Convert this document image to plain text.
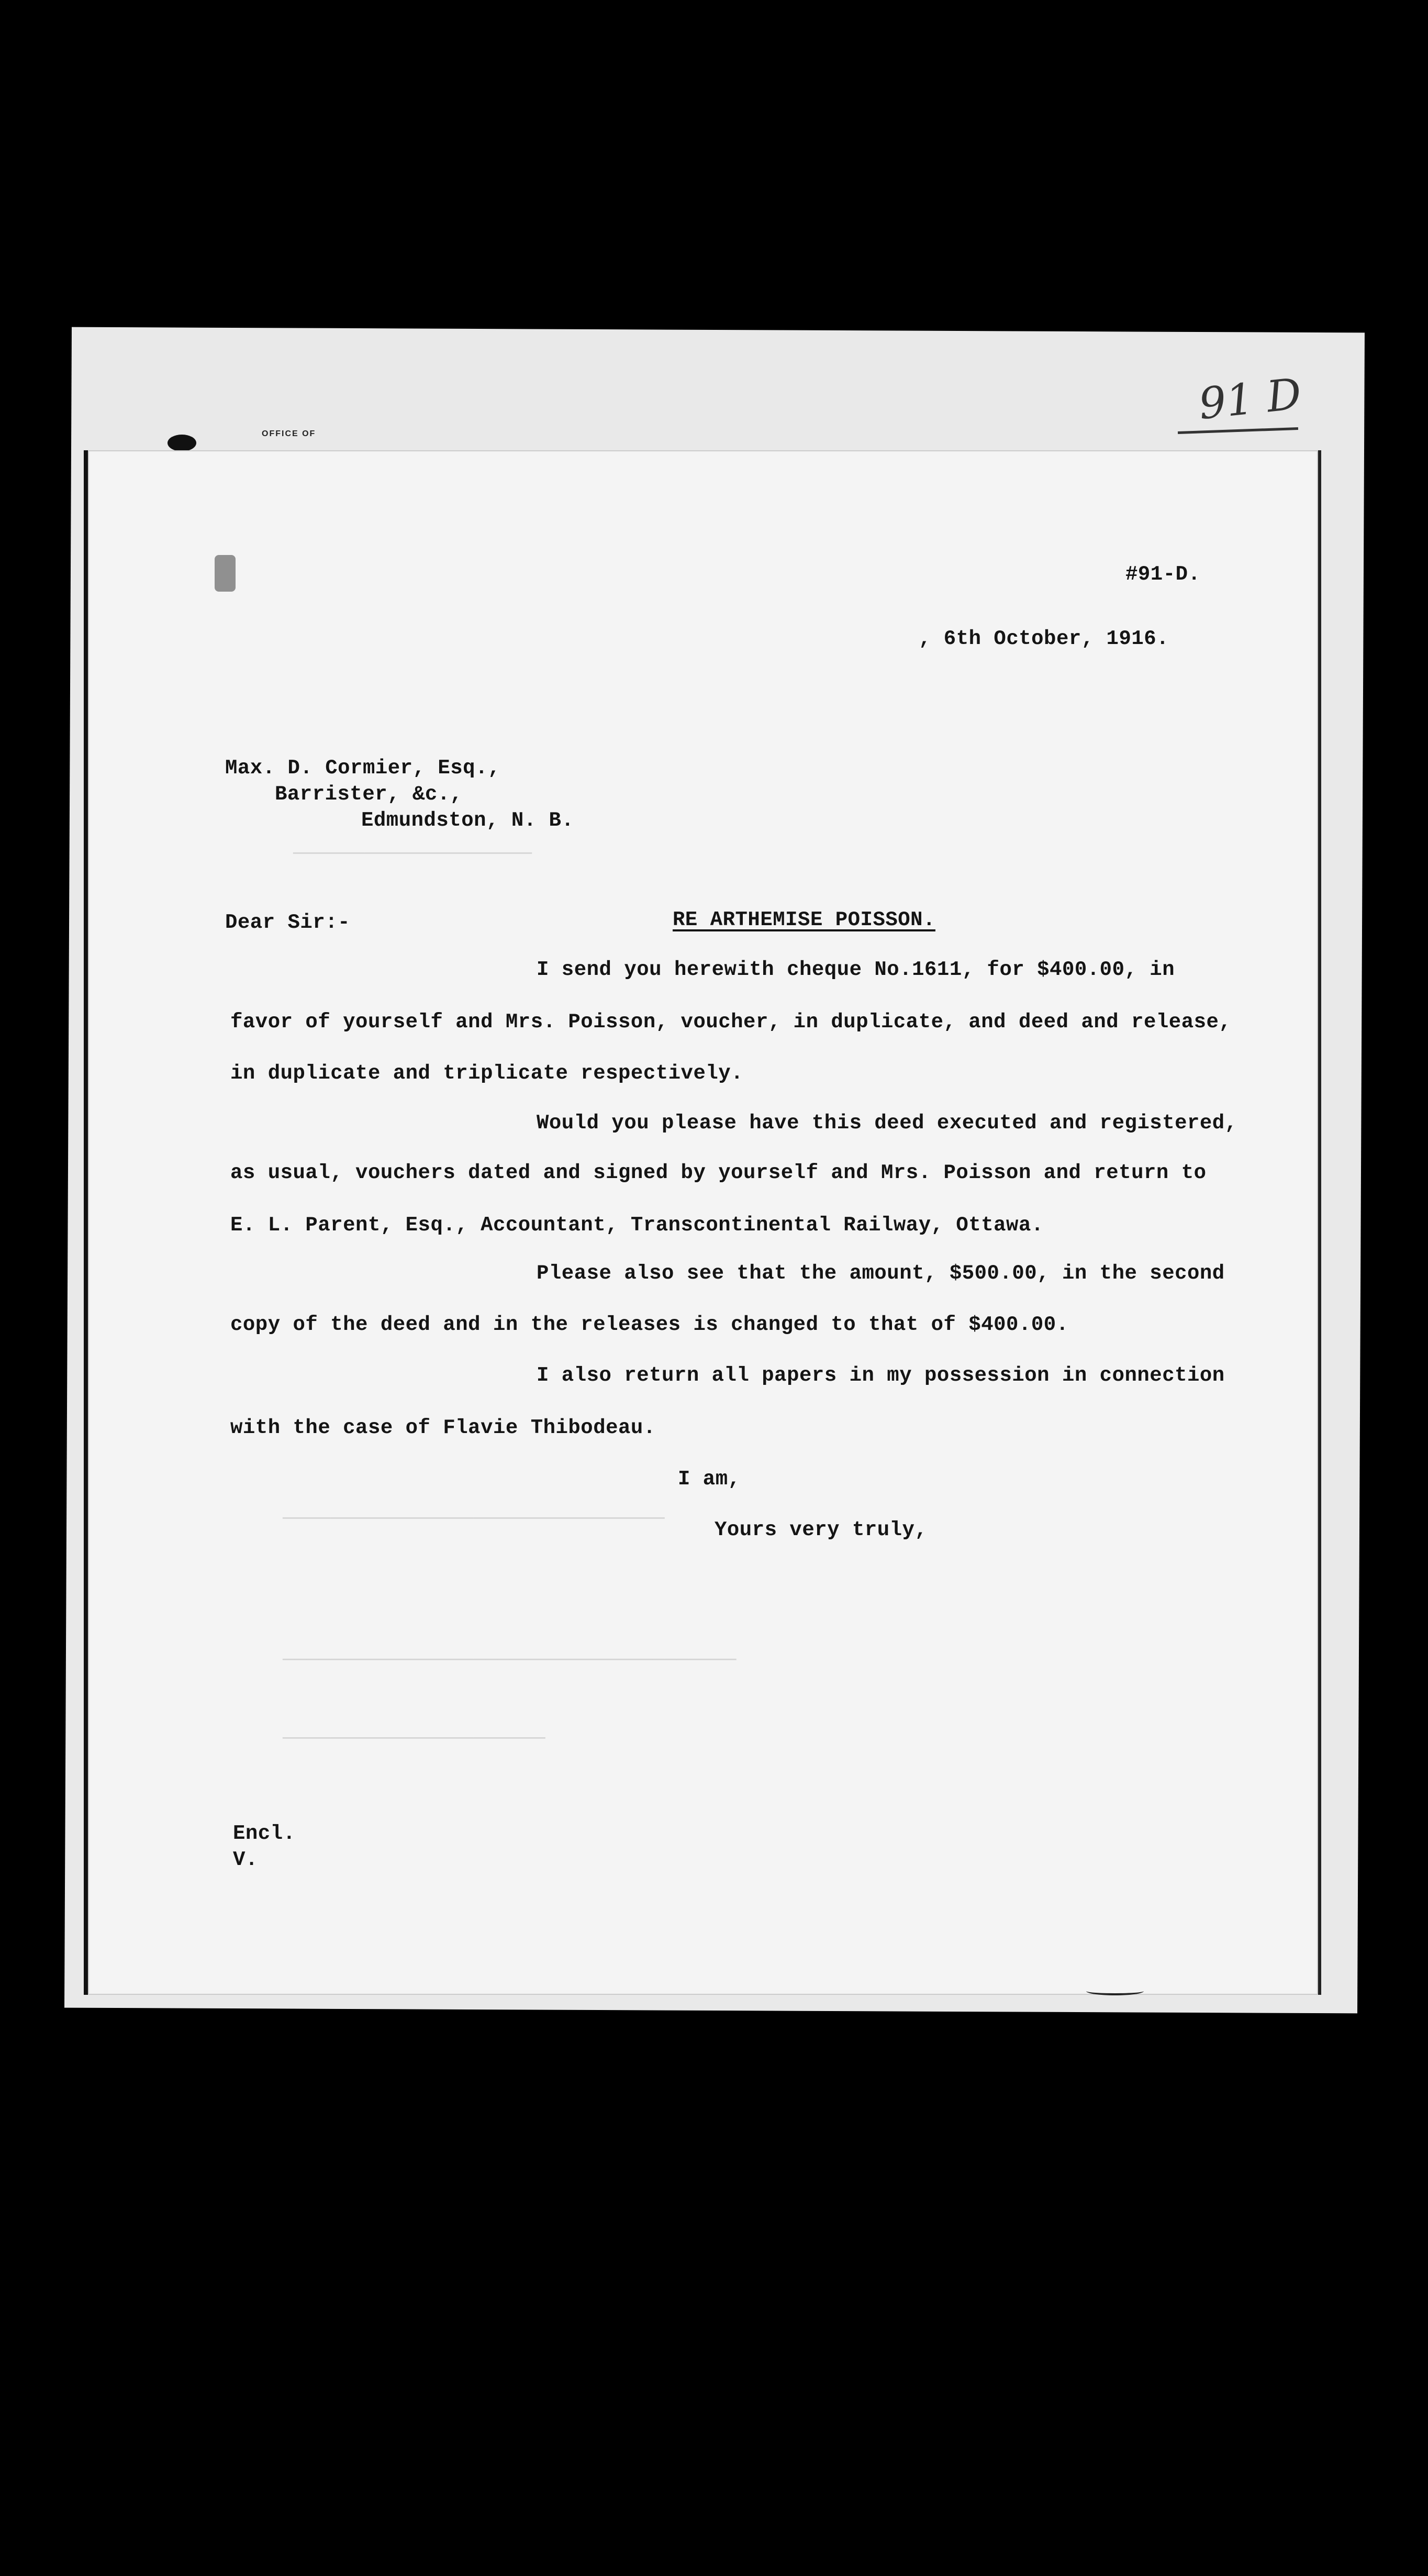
OFFICE OF
91 D
────────────────────
────────────────────────────────
──────────────────────────────────────
──────────────────────
#91-D.
, 6th October, 1916.
Max. D. Cormier, Esq.,
Barrister, &c.,
Edmundston, N. B.
Dear Sir:-	RE ARTHEMISE POISSON.
I send you herewith cheque No.1611, for $400.00, in
favor of yourself and Mrs. Poisson, voucher, in duplicate, and deed and release,
in duplicate and triplicate respectively.
Would you please have this deed executed and registered,
as usual, vouchers dated and signed by yourself and Mrs. Poisson and return to
E. L. Parent, Esq., Accountant, Transcontinental Railway, Ottawa.
Please also see that the amount, $500.00, in the second
copy of the deed and in the releases is changed to that of $400.00.
I also return all papers in my possession in connection
with the case of Flavie Thibodeau.
I am,
Yours very truly,
Encl.
V.
